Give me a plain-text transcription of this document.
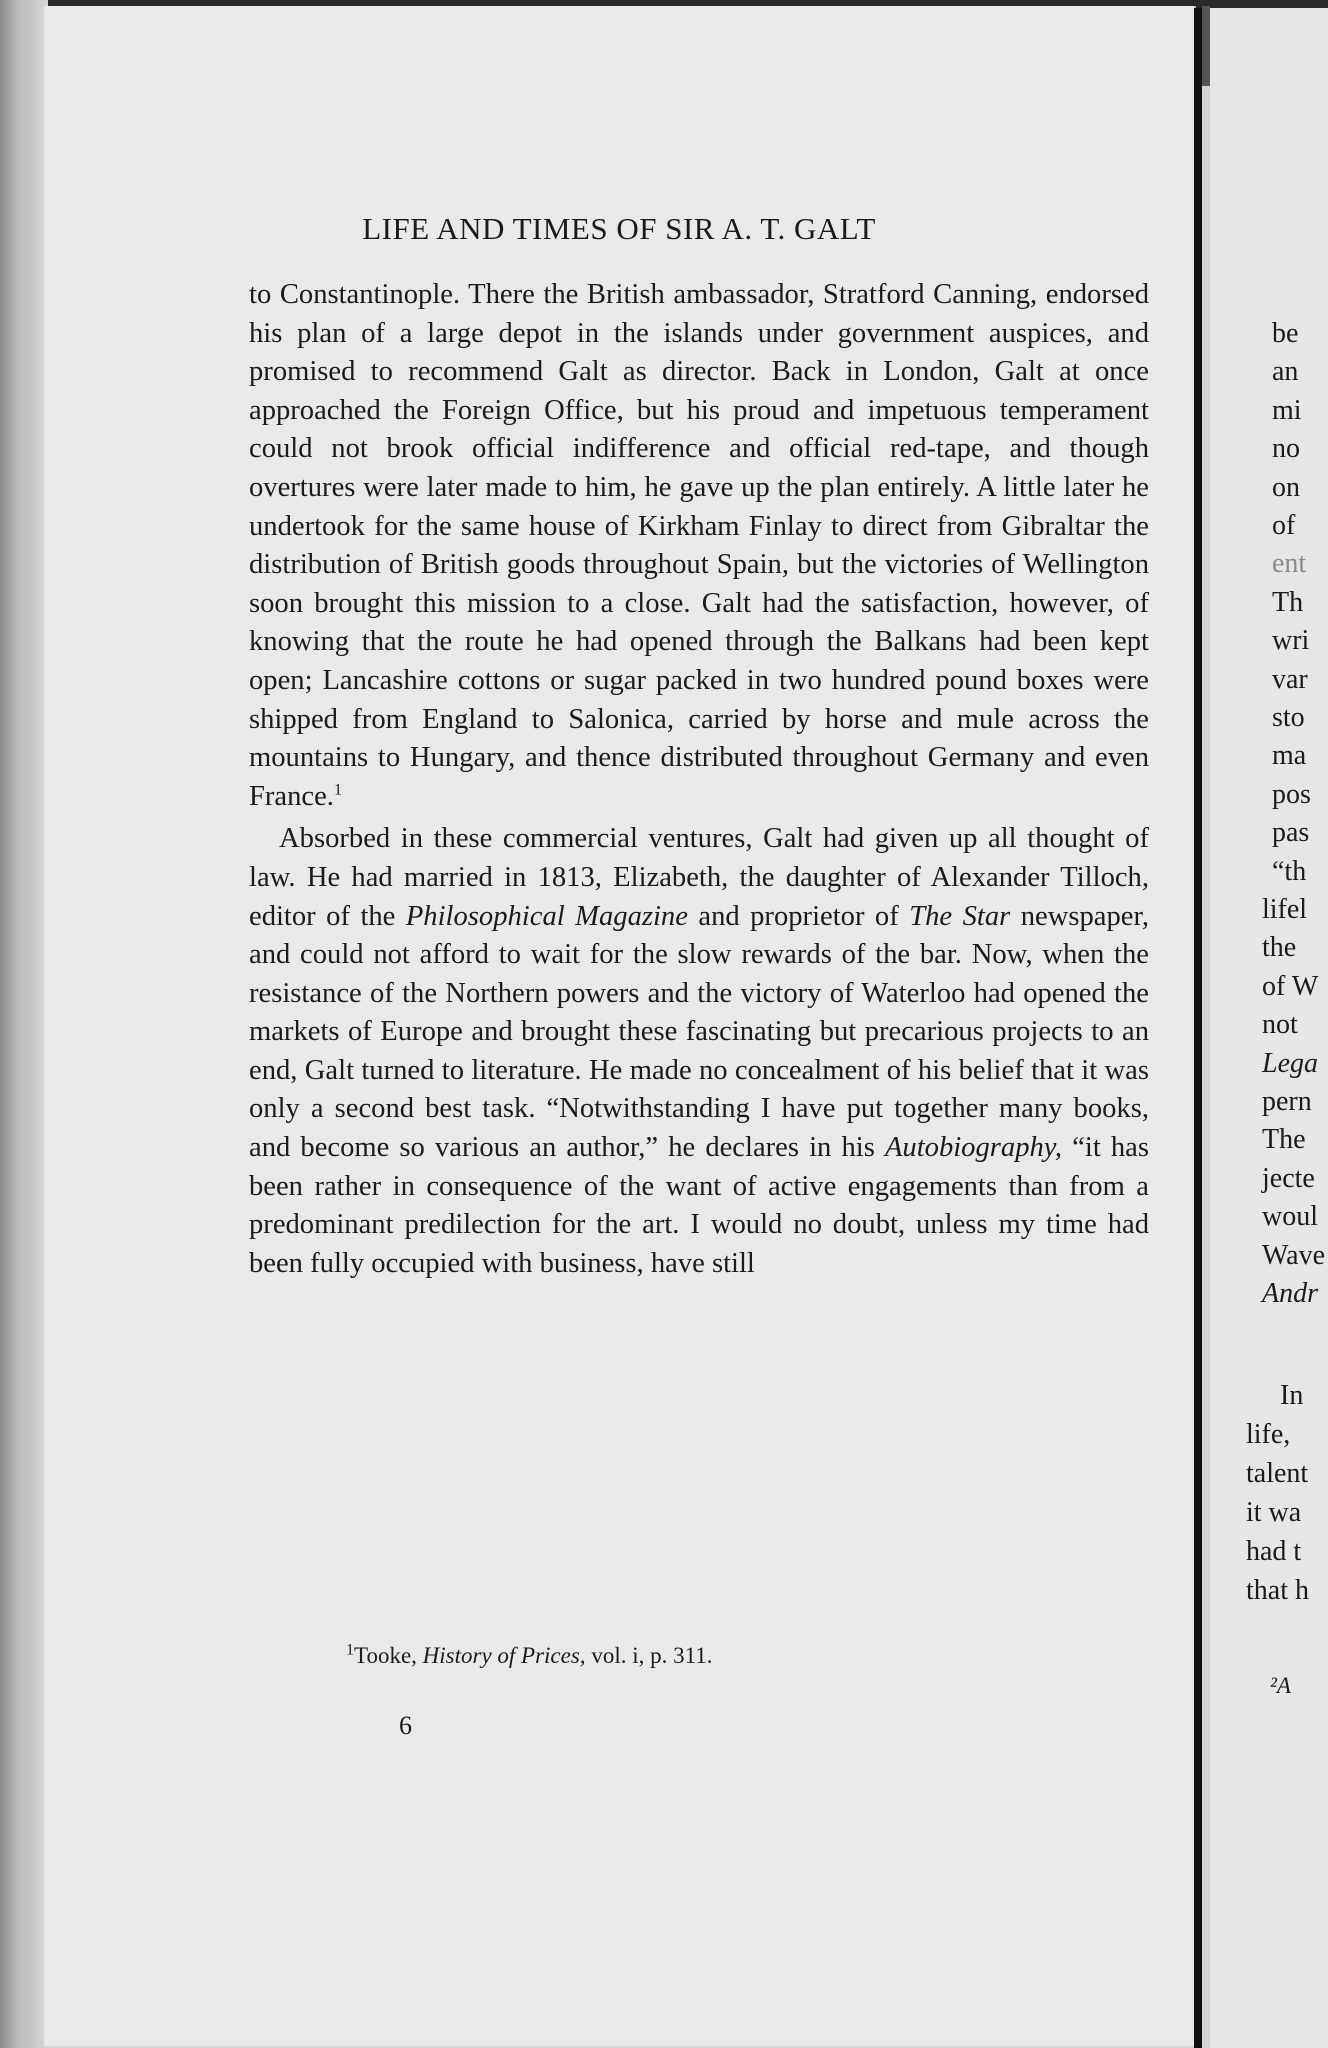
LIFE AND TIMES OF SIR A. T. GALT

to Constantinople. There the British ambassador, Stratford Canning, endorsed his plan of a large depot in the islands under government auspices, and promised to recommend Galt as director. Back in London, Galt at once approached the Foreign Office, but his proud and impetuous temperament could not brook official indifference and official red-tape, and though overtures were later made to him, he gave up the plan entirely. A little later he undertook for the same house of Kirkham Finlay to direct from Gibraltar the distribution of British goods throughout Spain, but the victories of Wellington soon brought this mission to a close. Galt had the satisfaction, however, of knowing that the route he had opened through the Balkans had been kept open; Lancashire cottons or sugar packed in two hundred pound boxes were shipped from England to Salonica, carried by horse and mule across the mountains to Hungary, and thence distributed throughout Germany and even France.$^1$

Absorbed in these commercial ventures, Galt had given up all thought of law. He had married in 1813, Elizabeth, the daughter of Alexander Tilloch, editor of the Philosophical Magazine and proprietor of The Star newspaper, and could not afford to wait for the slow rewards of the bar. Now, when the resistance of the Northern powers and the victory of Waterloo had opened the markets of Europe and brought these fascinating but precarious projects to an end, Galt turned to literature. He made no concealment of his belief that it was only a second best task. “Notwithstanding I have put together many books, and become so various an author,” he declares in his Autobiography, “it has been rather in consequence of the want of active engagements than from a predominant predilection for the art. I would no doubt, unless my time had been fully occupied with business, have still

$^1$Tooke, History of Prices, vol. i, p. 311.
6
be
an
mi
no
on
of
ent
Th
wri
var
sto
ma
pos
pas
“th
lifel
the
of W
not
Lega
pern
The
jecte
woul
Wave
Andr
In
life,
talent
it wa
had t
that h
²A
